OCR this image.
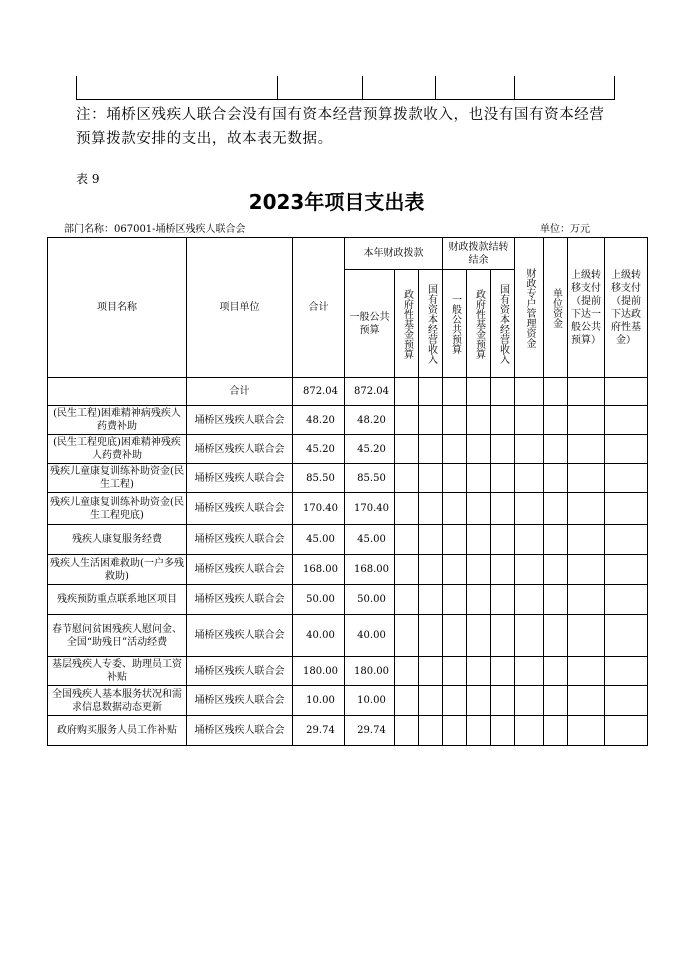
注：埇桥区残疾人联合会没有国有资本经营预算拨款收入，也没有国有资本经营预算拨款安排的支出，故本表无数据。
表 9
2023年项目支出表
部门名称：067001-埇桥区残疾人联合会	单位：万元
项目名称	项目单位	合计	本年财政拨款			财政拨款结转结余			财政专户管理资金	单位资金	上级转移支付（提前下达一般公共预算）	上级转移支付（提前下达政府性基金）
			一般公共预算	政府性基金预算	国有资本经营收入	一般公共预算	政府性基金预算	国有资本经营收入				

	合计	872.04	872.04									
(民生工程)困难精神病残疾人药费补助	埇桥区残疾人联合会	48.20	48.20									
(民生工程兜底)困难精神残疾人药费补助	埇桥区残疾人联合会	45.20	45.20									
残疾儿童康复训练补助资金(民生工程)	埇桥区残疾人联合会	85.50	85.50									
残疾儿童康复训练补助资金(民生工程兜底)	埇桥区残疾人联合会	170.40	170.40									
残疾人康复服务经费	埇桥区残疾人联合会	45.00	45.00									
残疾人生活困难救助(一户多残救助)	埇桥区残疾人联合会	168.00	168.00									
残疾预防重点联系地区项目	埇桥区残疾人联合会	50.00	50.00									
春节慰问贫困残疾人慰问金、全国“助残日”活动经费	埇桥区残疾人联合会	40.00	40.00									
基层残疾人专委、助理员工资补贴	埇桥区残疾人联合会	180.00	180.00									
全国残疾人基本服务状况和需求信息数据动态更新	埇桥区残疾人联合会	10.00	10.00									
政府购买服务人员工作补贴	埇桥区残疾人联合会	29.74	29.74									
